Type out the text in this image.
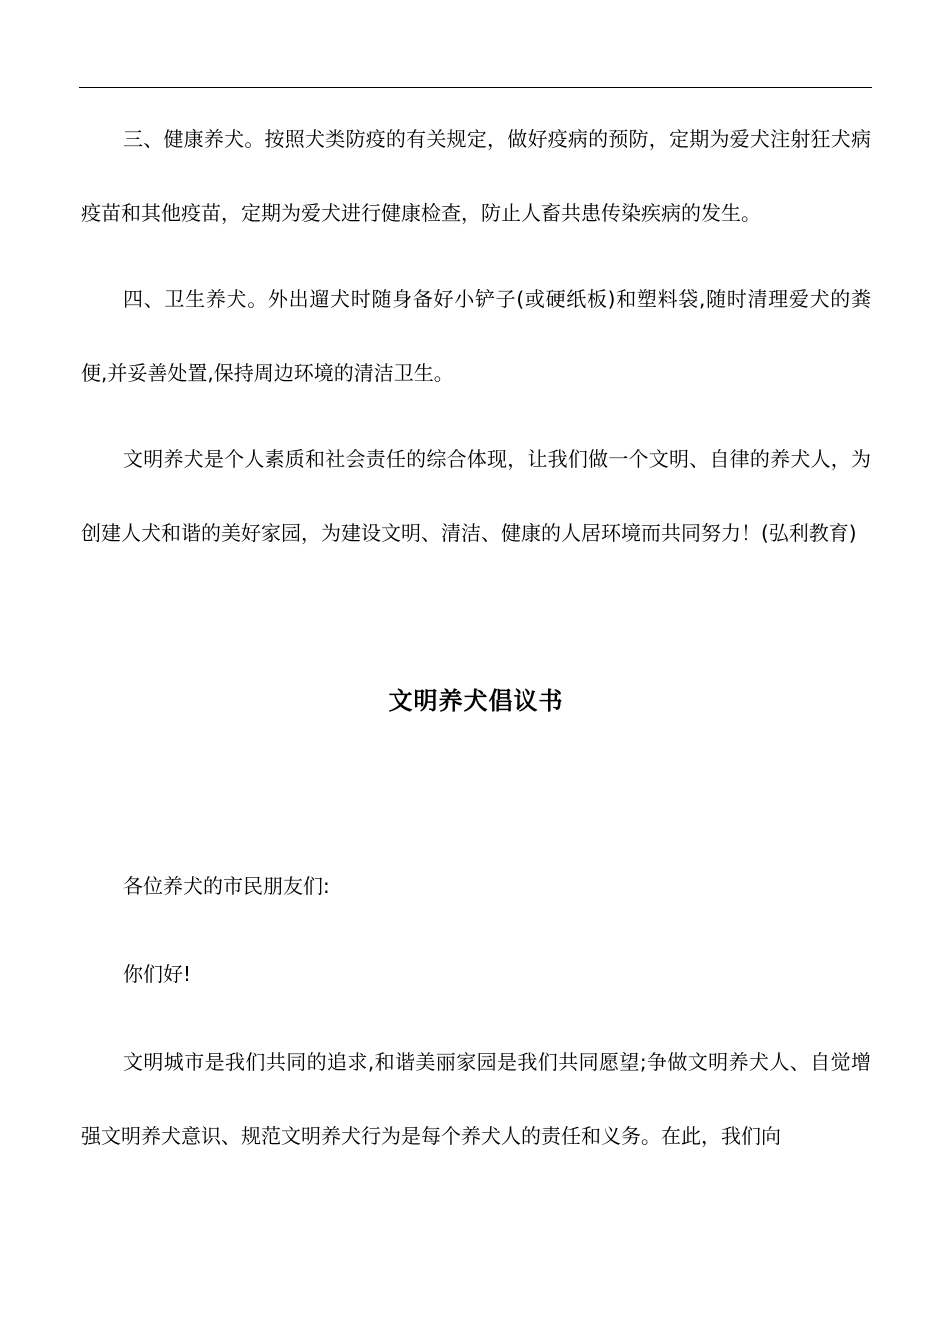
三、健康养犬。按照犬类防疫的有关规定，做好疫病的预防，定期为爱犬注射狂犬病疫苗和其他疫苗，定期为爱犬进行健康检查，防止人畜共患传染疾病的发生。

四、卫生养犬。外出遛犬时随身备好小铲子(或硬纸板)和塑料袋,随时清理爱犬的粪便,并妥善处置,保持周边环境的清洁卫生。

文明养犬是个人素质和社会责任的综合体现，让我们做一个文明、自律的养犬人，为创建人犬和谐的美好家园，为建设文明、清洁、健康的人居环境而共同努力！(弘利教育)

文明养犬倡议书

各位养犬的市民朋友们:

你们好!

文明城市是我们共同的追求,和谐美丽家园是我们共同愿望;争做文明养犬人、自觉增强文明养犬意识、规范文明养犬行为是每个养犬人的责任和义务。在此，我们向
